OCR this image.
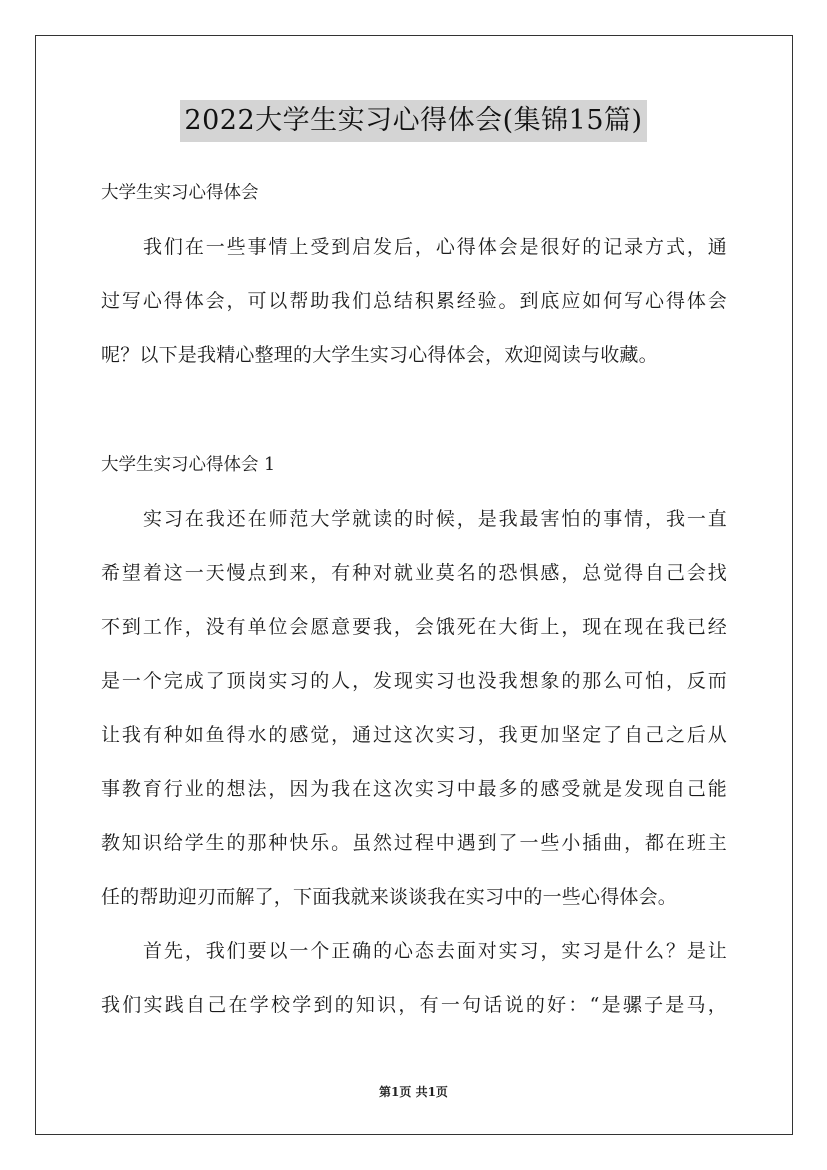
2022大学生实习心得体会(集锦15篇)
大学生实习心得体会
我们在一些事情上受到启发后，心得体会是很好的记录方式，通
过写心得体会，可以帮助我们总结积累经验。到底应如何写心得体会
呢？以下是我精心整理的大学生实习心得体会，欢迎阅读与收藏。
大学生实习心得体会 1
实习在我还在师范大学就读的时候，是我最害怕的事情，我一直
希望着这一天慢点到来，有种对就业莫名的恐惧感，总觉得自己会找
不到工作，没有单位会愿意要我，会饿死在大街上，现在现在我已经
是一个完成了顶岗实习的人，发现实习也没我想象的那么可怕，反而
让我有种如鱼得水的感觉，通过这次实习，我更加坚定了自己之后从
事教育行业的想法，因为我在这次实习中最多的感受就是发现自己能
教知识给学生的那种快乐。虽然过程中遇到了一些小插曲，都在班主
任的帮助迎刃而解了，下面我就来谈谈我在实习中的一些心得体会。
首先，我们要以一个正确的心态去面对实习，实习是什么？是让
我们实践自己在学校学到的知识，有一句话说的好：“是骡子是马，
第1页 共1页
